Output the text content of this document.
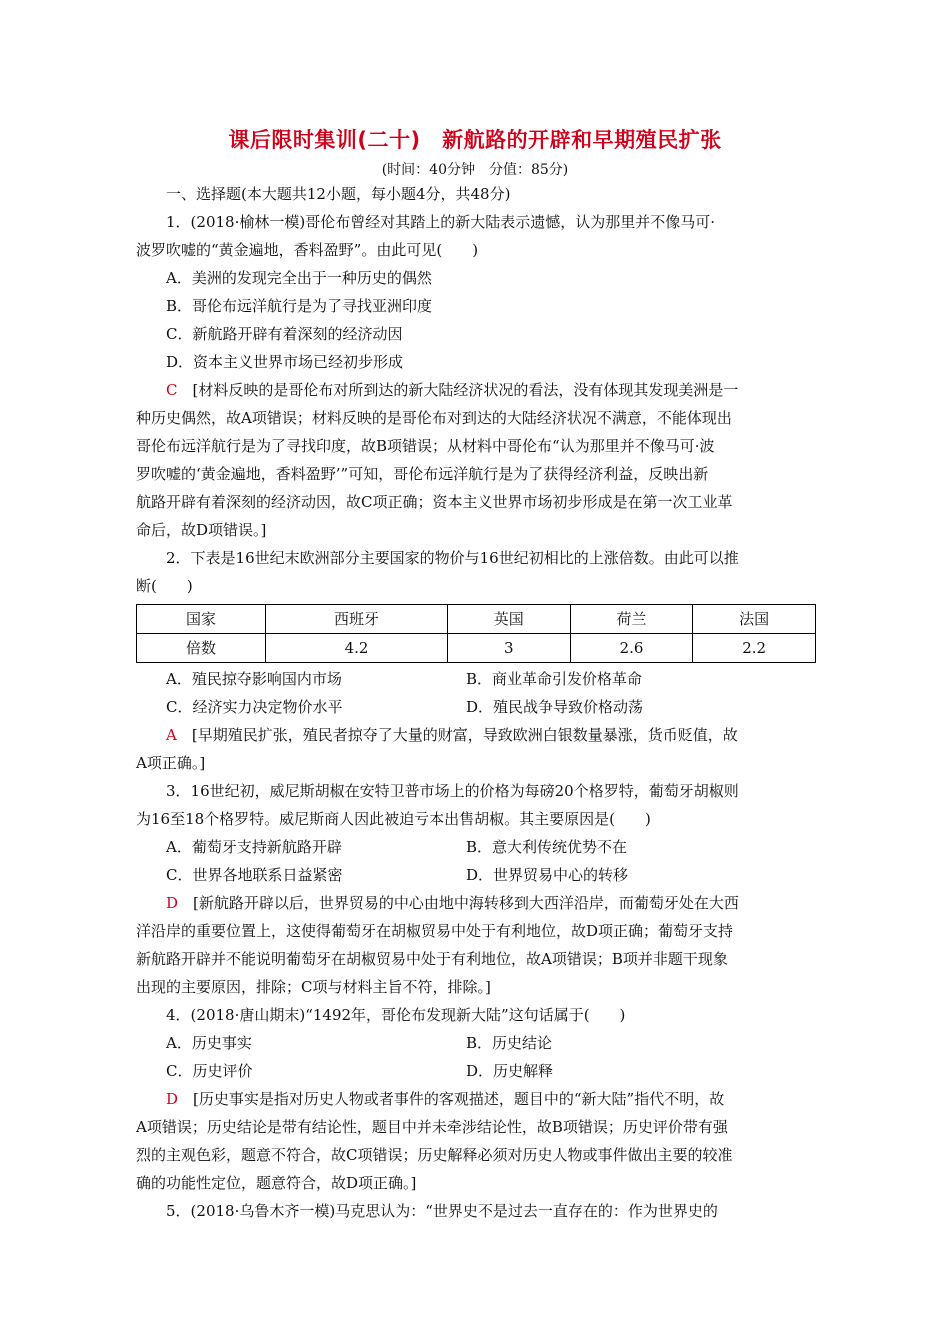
课后限时集训(二十)　新航路的开辟和早期殖民扩张
(时间：40分钟　分值：85分)

一、选择题(本大题共12小题，每小题4分，共48分)

1．(2018·榆林一模)哥伦布曾经对其踏上的新大陆表示遗憾，认为那里并不像马可·

波罗吹嘘的“黄金遍地，香料盈野”。由此可见(　　)

A．美洲的发现完全出于一种历史的偶然

B．哥伦布远洋航行是为了寻找亚洲印度

C．新航路开辟有着深刻的经济动因

D．资本主义世界市场已经初步形成

C　[材料反映的是哥伦布对所到达的新大陆经济状况的看法，没有体现其发现美洲是一

种历史偶然，故A项错误；材料反映的是哥伦布对到达的大陆经济状况不满意，不能体现出

哥伦布远洋航行是为了寻找印度，故B项错误；从材料中哥伦布“认为那里并不像马可·波

罗吹嘘的‘黄金遍地，香料盈野’”可知，哥伦布远洋航行是为了获得经济利益，反映出新

航路开辟有着深刻的经济动因，故C项正确；资本主义世界市场初步形成是在第一次工业革

命后，故D项错误。]

2．下表是16世纪末欧洲部分主要国家的物价与16世纪初相比的上涨倍数。由此可以推

断(　　)

国家	西班牙	英国	荷兰	法国
倍数	4.2	3	2.6	2.2
A．殖民掠夺影响国内市场	B．商业革命引发价格革命
C．经济实力决定物价水平	D．殖民战争导致价格动荡

A　[早期殖民扩张，殖民者掠夺了大量的财富，导致欧洲白银数量暴涨，货币贬值，故

A项正确。]

3．16世纪初，威尼斯胡椒在安特卫普市场上的价格为每磅20个格罗特，葡萄牙胡椒则

为16至18个格罗特。威尼斯商人因此被迫亏本出售胡椒。其主要原因是(　　)

A．葡萄牙支持新航路开辟	B．意大利传统优势不在
C．世界各地联系日益紧密	D．世界贸易中心的转移

D　[新航路开辟以后，世界贸易的中心由地中海转移到大西洋沿岸，而葡萄牙处在大西

洋沿岸的重要位置上，这使得葡萄牙在胡椒贸易中处于有利地位，故D项正确；葡萄牙支持

新航路开辟并不能说明葡萄牙在胡椒贸易中处于有利地位，故A项错误；B项并非题干现象

出现的主要原因，排除；C项与材料主旨不符，排除。]

4．(2018·唐山期末)“1492年，哥伦布发现新大陆”这句话属于(　　)

A．历史事实	B．历史结论
C．历史评价	D．历史解释

D　[历史事实是指对历史人物或者事件的客观描述，题目中的“新大陆”指代不明，故

A项错误；历史结论是带有结论性，题目中并未牵涉结论性，故B项错误；历史评价带有强

烈的主观色彩，题意不符合，故C项错误；历史解释必须对历史人物或事件做出主要的较准

确的功能性定位，题意符合，故D项正确。]

5．(2018·乌鲁木齐一模)马克思认为：“世界史不是过去一直存在的：作为世界史的
